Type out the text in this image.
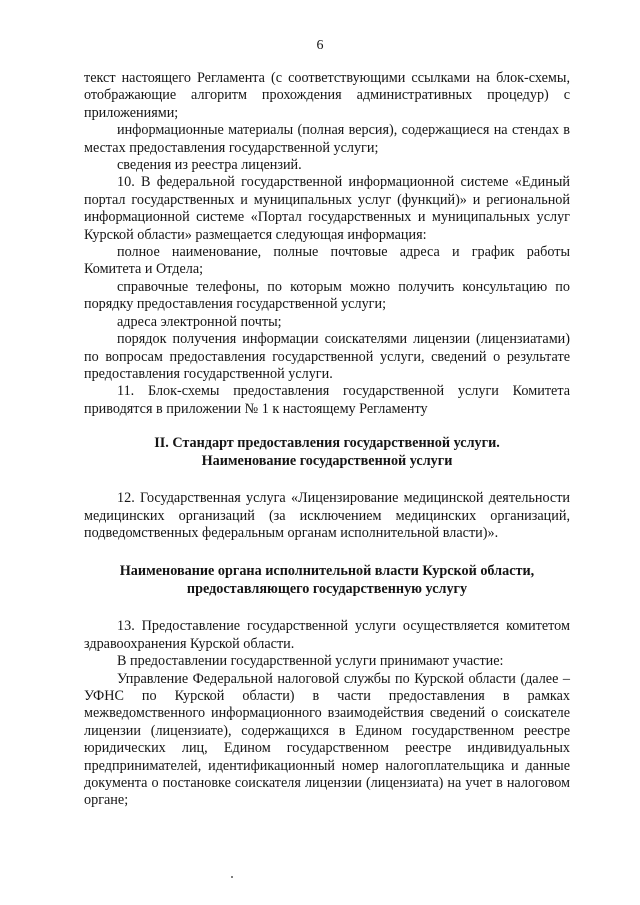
6

текст настоящего Регламента (с соответствующими ссылками на блок-схемы, отображающие алгоритм прохождения административных процедур) с приложениями;

информационные материалы (полная версия), содержащиеся на стендах в местах предоставления государственной услуги;

сведения из реестра лицензий.

10. В федеральной государственной информационной системе «Единый портал государственных и муниципальных услуг (функций)» и региональной информационной системе «Портал государственных и муниципальных услуг Курской области» размещается следующая информация:

полное наименование, полные почтовые адреса и график работы Комитета и Отдела;

справочные телефоны, по которым можно получить консультацию по порядку предоставления государственной услуги;

адреса электронной почты;

порядок получения информации соискателями лицензии (лицензиатами) по вопросам предоставления государственной услуги, сведений о результате предоставления государственной услуги.

11. Блок-схемы предоставления государственной услуги Комитета приводятся в приложении № 1 к настоящему Регламенту

II. Стандарт предоставления государственной услуги.
Наименование государственной услуги

12. Государственная услуга «Лицензирование медицинской деятельности медицинских организаций (за исключением медицинских организаций, подведомственных федеральным органам исполнительной власти)».

Наименование органа исполнительной власти Курской области,
предоставляющего государственную услугу

13. Предоставление государственной услуги осуществляется комитетом здравоохранения Курской области.

В предоставлении государственной услуги принимают участие:

Управление Федеральной налоговой службы по Курской области (далее – УФНС по Курской области) в части предоставления в рамках межведомственного информационного взаимодействия сведений о соискателе лицензии (лицензиате), содержащихся в Едином государственном реестре юридических лиц, Едином государственном реестре индивидуальных предпринимателей, идентификационный номер налогоплательщика и данные документа о постановке соискателя лицензии (лицензиата) на учет в налоговом органе;
